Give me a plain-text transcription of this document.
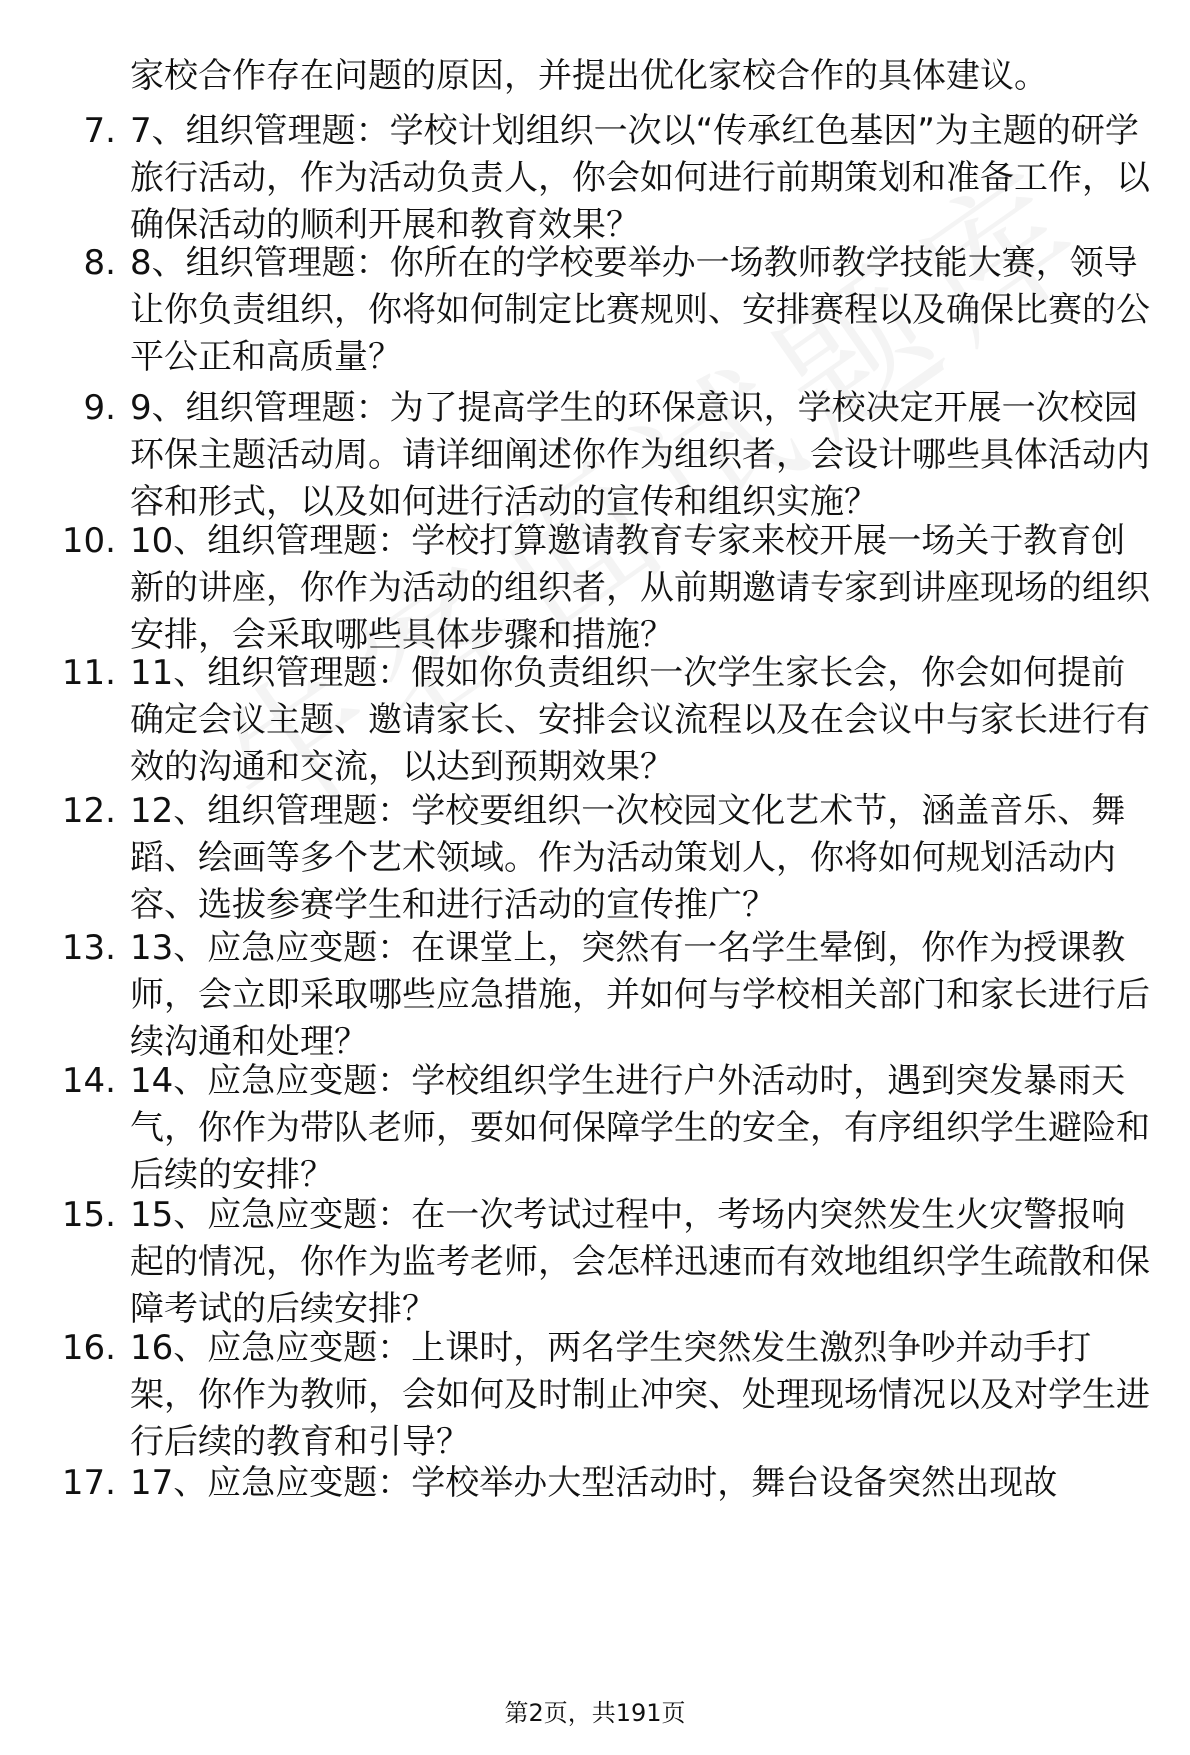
家校合作存在问题的原因，并提出优化家校合作的具体建议。
7. 7、组织管理题：学校计划组织一次以“传承红色基因”为主题的研学旅行活动，作为活动负责人，你会如何进行前期策划和准备工作，以确保活动的顺利开展和教育效果？
8. 8、组织管理题：你所在的学校要举办一场教师教学技能大赛，领导让你负责组织，你将如何制定比赛规则、安排赛程以及确保比赛的公平公正和高质量？
9. 9、组织管理题：为了提高学生的环保意识，学校决定开展一次校园环保主题活动周。请详细阐述你作为组织者，会设计哪些具体活动内容和形式，以及如何进行活动的宣传和组织实施？
10. 10、组织管理题：学校打算邀请教育专家来校开展一场关于教育创新的讲座，你作为活动的组织者，从前期邀请专家到讲座现场的组织安排，会采取哪些具体步骤和措施？
11. 11、组织管理题：假如你负责组织一次学生家长会，你会如何提前确定会议主题、邀请家长、安排会议流程以及在会议中与家长进行有效的沟通和交流，以达到预期效果？
12. 12、组织管理题：学校要组织一次校园文化艺术节，涵盖音乐、舞蹈、绘画等多个艺术领域。作为活动策划人，你将如何规划活动内容、选拔参赛学生和进行活动的宣传推广？
13. 13、应急应变题：在课堂上，突然有一名学生晕倒，你作为授课教师，会立即采取哪些应急措施，并如何与学校相关部门和家长进行后续沟通和处理？
14. 14、应急应变题：学校组织学生进行户外活动时，遇到突发暴雨天气，你作为带队老师，要如何保障学生的安全，有序组织学生避险和后续的安排？
15. 15、应急应变题：在一次考试过程中，考场内突然发生火灾警报响起的情况，你作为监考老师，会怎样迅速而有效地组织学生疏散和保障考试的后续安排？
16. 16、应急应变题：上课时，两名学生突然发生激烈争吵并动手打架，你作为教师，会如何及时制止冲突、处理现场情况以及对学生进行后续的教育和引导？
17. 17、应急应变题：学校举办大型活动时，舞台设备突然出现故
第2页，共191页
